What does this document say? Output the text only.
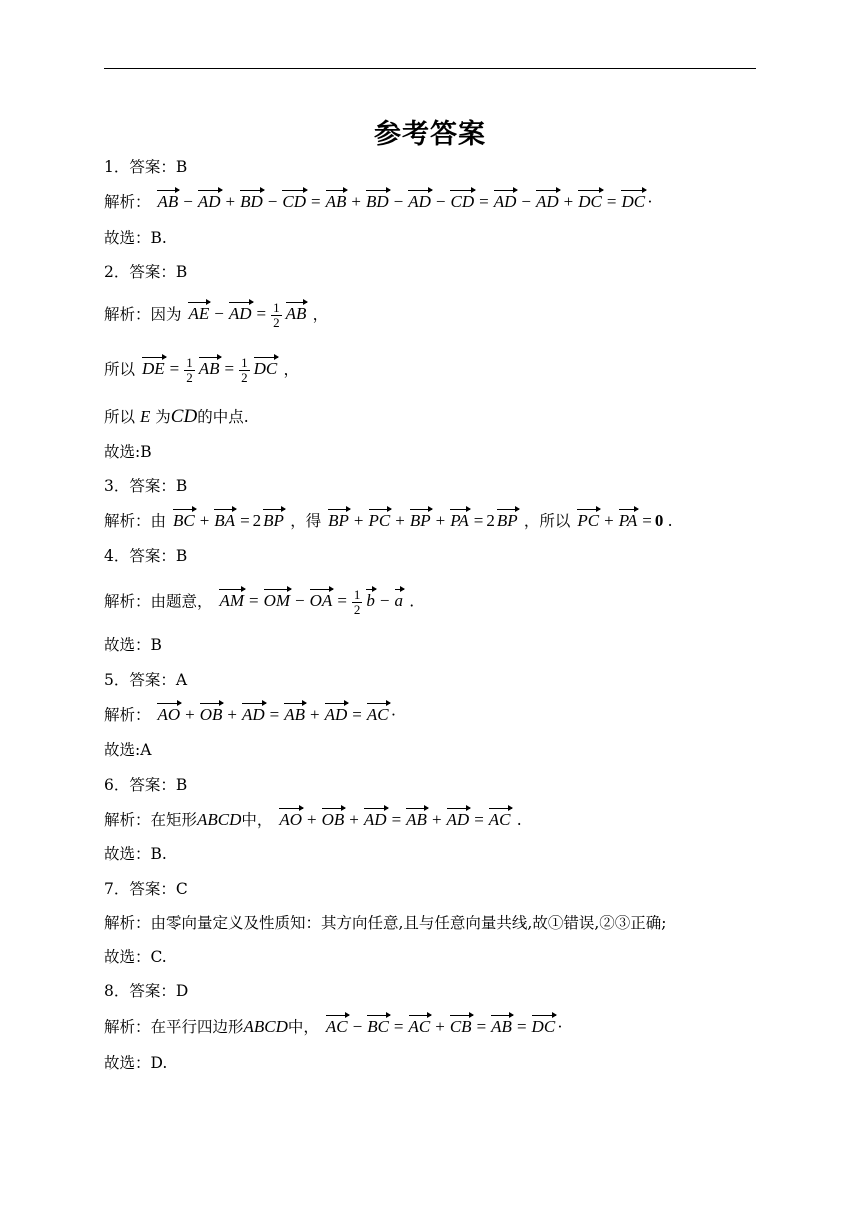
参考答案
1．答案：B
解析： AB − AD + BD − CD = AB + BD − AD − CD = AD − AD + DC = DC ·
故选：B.
2．答案：B
解析：因为 AE − AD = $\frac{1}{2}$ AB ，
所以 DE = $\frac{1}{2}$ AB = $\frac{1}{2}$ DC ，
所以 E 为CD的中点.
故选:B
3．答案：B
解析：由 BC + BA = 2 BP ，得 BP + PC + BP + PA = 2 BP ，所以 PC + PA = 0 .
4．答案：B
解析：由题意， AM = OM − OA = $\frac{1}{2}$ b − a .
故选：B
5．答案：A
解析： AO + OB + AD = AB + AD = AC ·
故选:A
6．答案：B
解析：在矩形ABCD中， AO + OB + AD = AB + AD = AC .
故选：B.
7．答案：C
解析：由零向量定义及性质知：其方向任意,且与任意向量共线,故①错误,②③正确;
故选：C.
8．答案：D
解析：在平行四边形ABCD中， AC − BC = AC + CB = AB = DC ·
故选：D.
